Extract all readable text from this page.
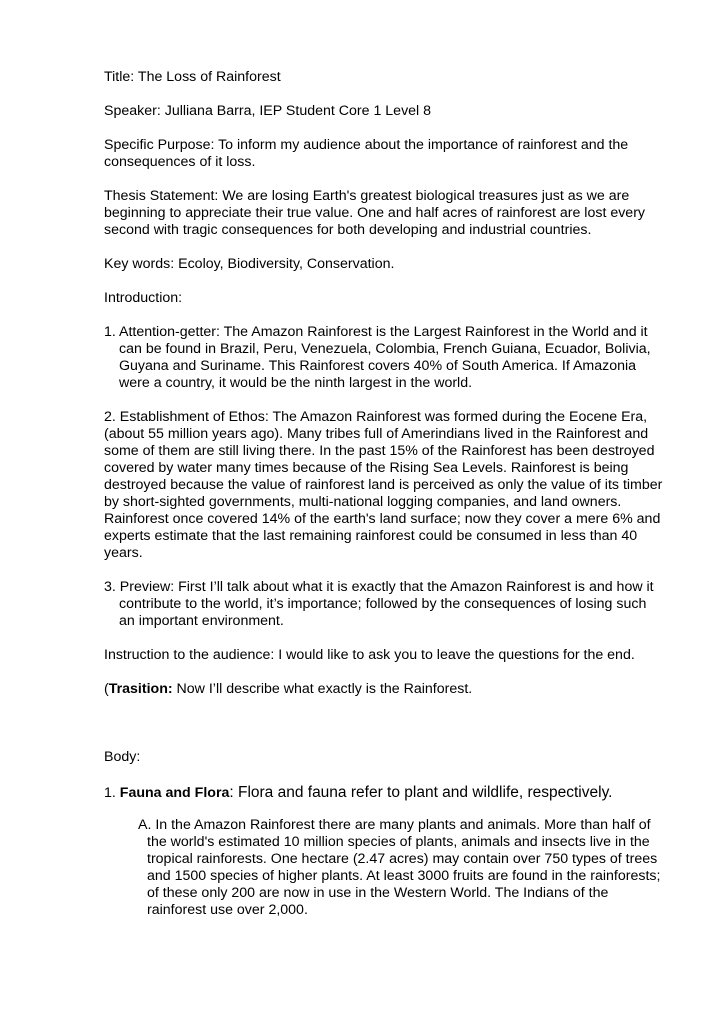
Title: The Loss of Rainforest

Speaker: Julliana Barra, IEP Student Core 1 Level 8

Specific Purpose: To inform my audience about the importance of rainforest and the consequences of it loss.

Thesis Statement: We are losing Earth's greatest biological treasures just as we are beginning to appreciate their true value. One and half acres of rainforest are lost every second with tragic consequences for both developing and industrial countries.

Key words: Ecoloy, Biodiversity, Conservation.

Introduction:

1. Attention-getter: The Amazon Rainforest is the Largest Rainforest in the World and it can be found in Brazil, Peru, Venezuela, Colombia, French Guiana, Ecuador, Bolivia, Guyana and Suriname. This Rainforest covers 40% of South America. If Amazonia were a country, it would be the ninth largest in the world.

2. Establishment of Ethos: The Amazon Rainforest was formed during the Eocene Era, (about 55 million years ago). Many tribes full of Amerindians lived in the Rainforest and some of them are still living there. In the past 15% of the Rainforest has been destroyed covered by water many times because of the Rising Sea Levels. Rainforest is being destroyed because the value of rainforest land is perceived as only the value of its timber by short-sighted governments, multi-national logging companies, and land owners. Rainforest once covered 14% of the earth's land surface; now they cover a mere 6% and experts estimate that the last remaining rainforest could be consumed in less than 40 years.

3. Preview: First I’ll talk about what it is exactly that the Amazon Rainforest is and how it contribute to the world, it’s importance; followed by the consequences of losing such an important environment.

Instruction to the audience: I would like to ask you to leave the questions for the end.

(Trasition: Now I’ll describe what exactly is the Rainforest.

Body:

1. Fauna and Flora: Flora and fauna refer to plant and wildlife, respectively.

A. In the Amazon Rainforest there are many plants and animals. More than half of the world's estimated 10 million species of plants, animals and insects live in the tropical rainforests. One hectare (2.47 acres) may contain over 750 types of trees and 1500 species of higher plants. At least 3000 fruits are found in the rainforests; of these only 200 are now in use in the Western World. The Indians of the rainforest use over 2,000.
